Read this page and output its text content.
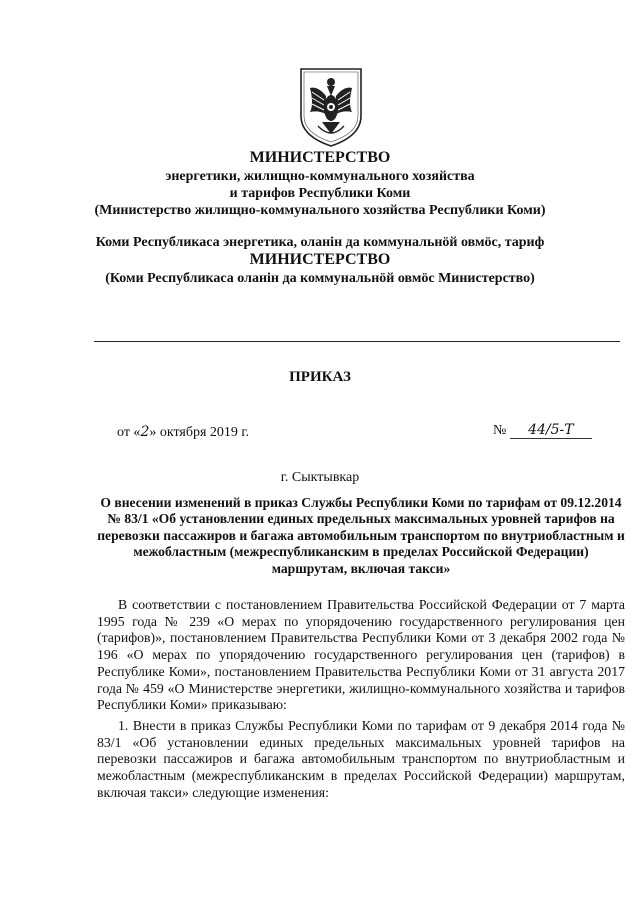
МИНИСТЕРСТВО
энергетики, жилищно-коммунального хозяйства
и тарифов Республики Коми
(Министерство жилищно-коммунального хозяйства Республики Коми)
Коми Республикаса энергетика, оланiн да коммунальнӧй овмӧс, тариф
МИНИСТЕРСТВО
(Коми Республикаса оланiн да коммунальнӧй овмӧс Министерство)
ПРИКАЗ
от «2» октября 2019 г.	№ 44/5-Т
г. Сыктывкар
О внесении изменений в приказ Службы Республики Коми по тарифам от 09.12.2014 № 83/1 «Об установлении единых предельных максимальных уровней тарифов на перевозки пассажиров и багажа автомобильным транспортом по внутриобластным и межобластным (межреспубликанским в пределах Российской Федерации) маршрутам, включая такси»

В соответствии с постановлением Правительства Российской Федерации от 7 марта 1995 года № 239 «О мерах по упорядочению государственного регулирования цен (тарифов)», постановлением Правительства Республики Коми от 3 декабря 2002 года № 196 «О мерах по упорядочению государственного регулирования цен (тарифов) в Республике Коми», постановлением Правительства Республики Коми от 31 августа 2017 года № 459 «О Министерстве энергетики, жилищно-коммунального хозяйства и тарифов Республики Коми» приказываю:

1. Внести в приказ Службы Республики Коми по тарифам от 9 декабря 2014 года № 83/1 «Об установлении единых предельных максимальных уровней тарифов на перевозки пассажиров и багажа автомобильным транспортом по внутриобластным и межобластным (межреспубликанским в пределах Российской Федерации) маршрутам, включая такси» следующие изменения:
